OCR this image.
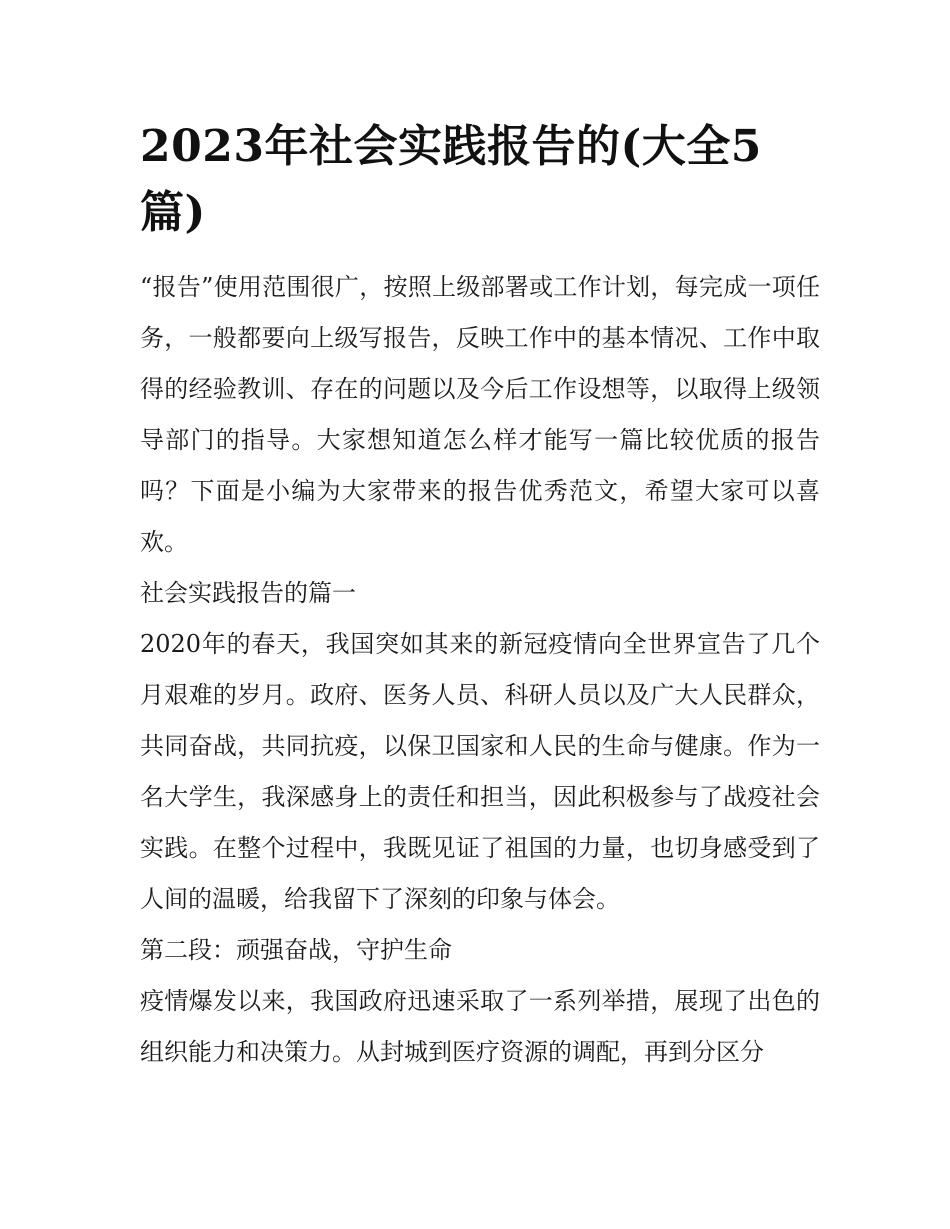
2023年社会实践报告的(大全5篇)

“报告”使用范围很广，按照上级部署或工作计划，每完成一项任务，一般都要向上级写报告，反映工作中的基本情况、工作中取得的经验教训、存在的问题以及今后工作设想等，以取得上级领导部门的指导。大家想知道怎么样才能写一篇比较优质的报告吗？下面是小编为大家带来的报告优秀范文，希望大家可以喜欢。

社会实践报告的篇一

2020年的春天，我国突如其来的新冠疫情向全世界宣告了几个月艰难的岁月。政府、医务人员、科研人员以及广大人民群众，共同奋战，共同抗疫，以保卫国家和人民的生命与健康。作为一名大学生，我深感身上的责任和担当，因此积极参与了战疫社会实践。在整个过程中，我既见证了祖国的力量，也切身感受到了人间的温暖，给我留下了深刻的印象与体会。

第二段：顽强奋战，守护生命

疫情爆发以来，我国政府迅速采取了一系列举措，展现了出色的组织能力和决策力。从封城到医疗资源的调配，再到分区分
